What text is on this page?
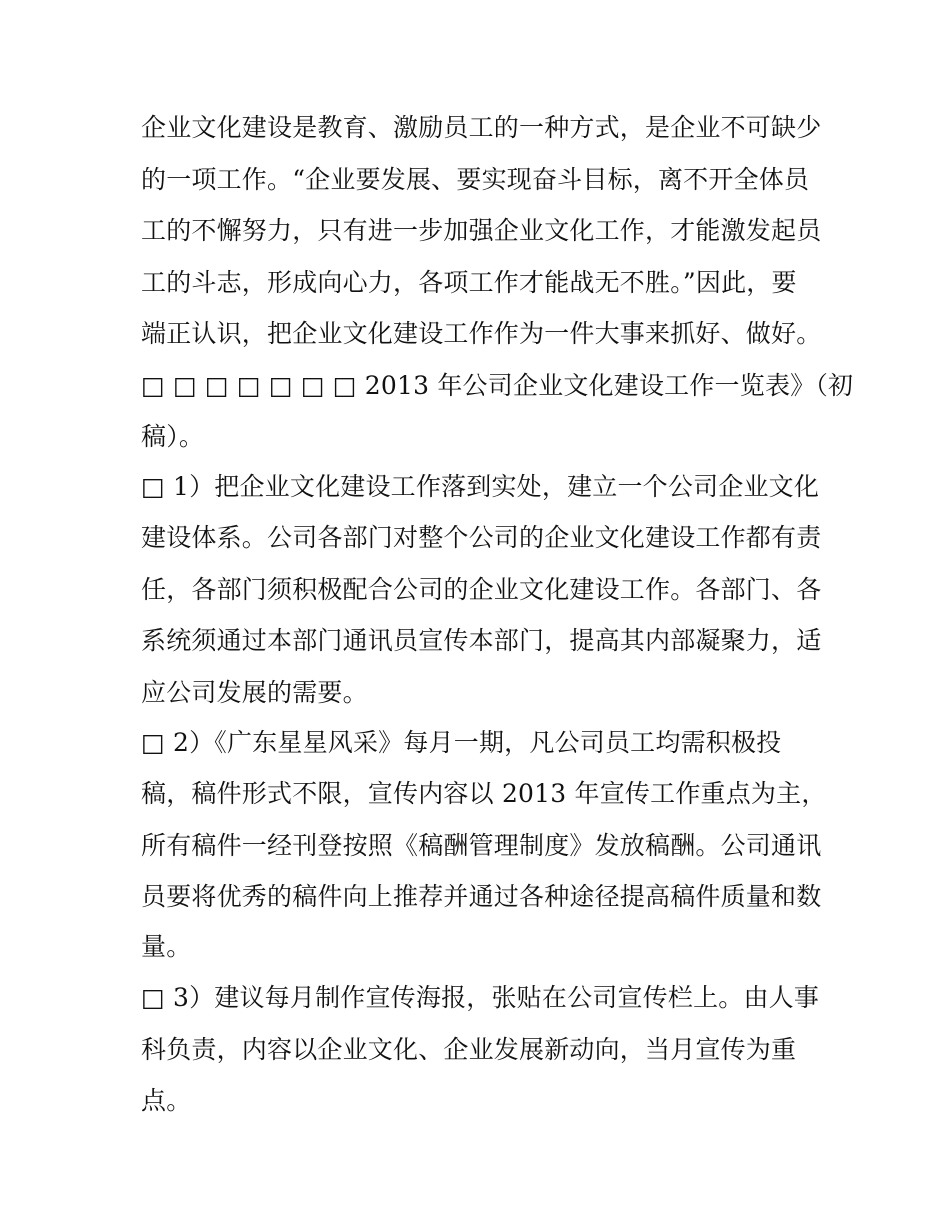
企业文化建设是教育、激励员工的一种方式，是企业不可缺少
的一项工作。“企业要发展、要实现奋斗目标，离不开全体员
工的不懈努力，只有进一步加强企业文化工作，才能激发起员
工的斗志，形成向心力，各项工作才能战无不胜。”因此，要
端正认识，把企业文化建设工作作为一件大事来抓好、做好。
□ □ □ □ □ □ □ 2013 年公司企业文化建设工作一览表》（初
稿）。
□ 1）把企业文化建设工作落到实处，建立一个公司企业文化
建设体系。公司各部门对整个公司的企业文化建设工作都有责
任，各部门须积极配合公司的企业文化建设工作。各部门、各
系统须通过本部门通讯员宣传本部门，提高其内部凝聚力，适
应公司发展的需要。
□ 2）《广东星星风采》每月一期，凡公司员工均需积极投
稿，稿件形式不限，宣传内容以 2013 年宣传工作重点为主，
所有稿件一经刊登按照《稿酬管理制度》发放稿酬。公司通讯
员要将优秀的稿件向上推荐并通过各种途径提高稿件质量和数
量。
□ 3）建议每月制作宣传海报，张贴在公司宣传栏上。由人事
科负责，内容以企业文化、企业发展新动向，当月宣传为重
点。
